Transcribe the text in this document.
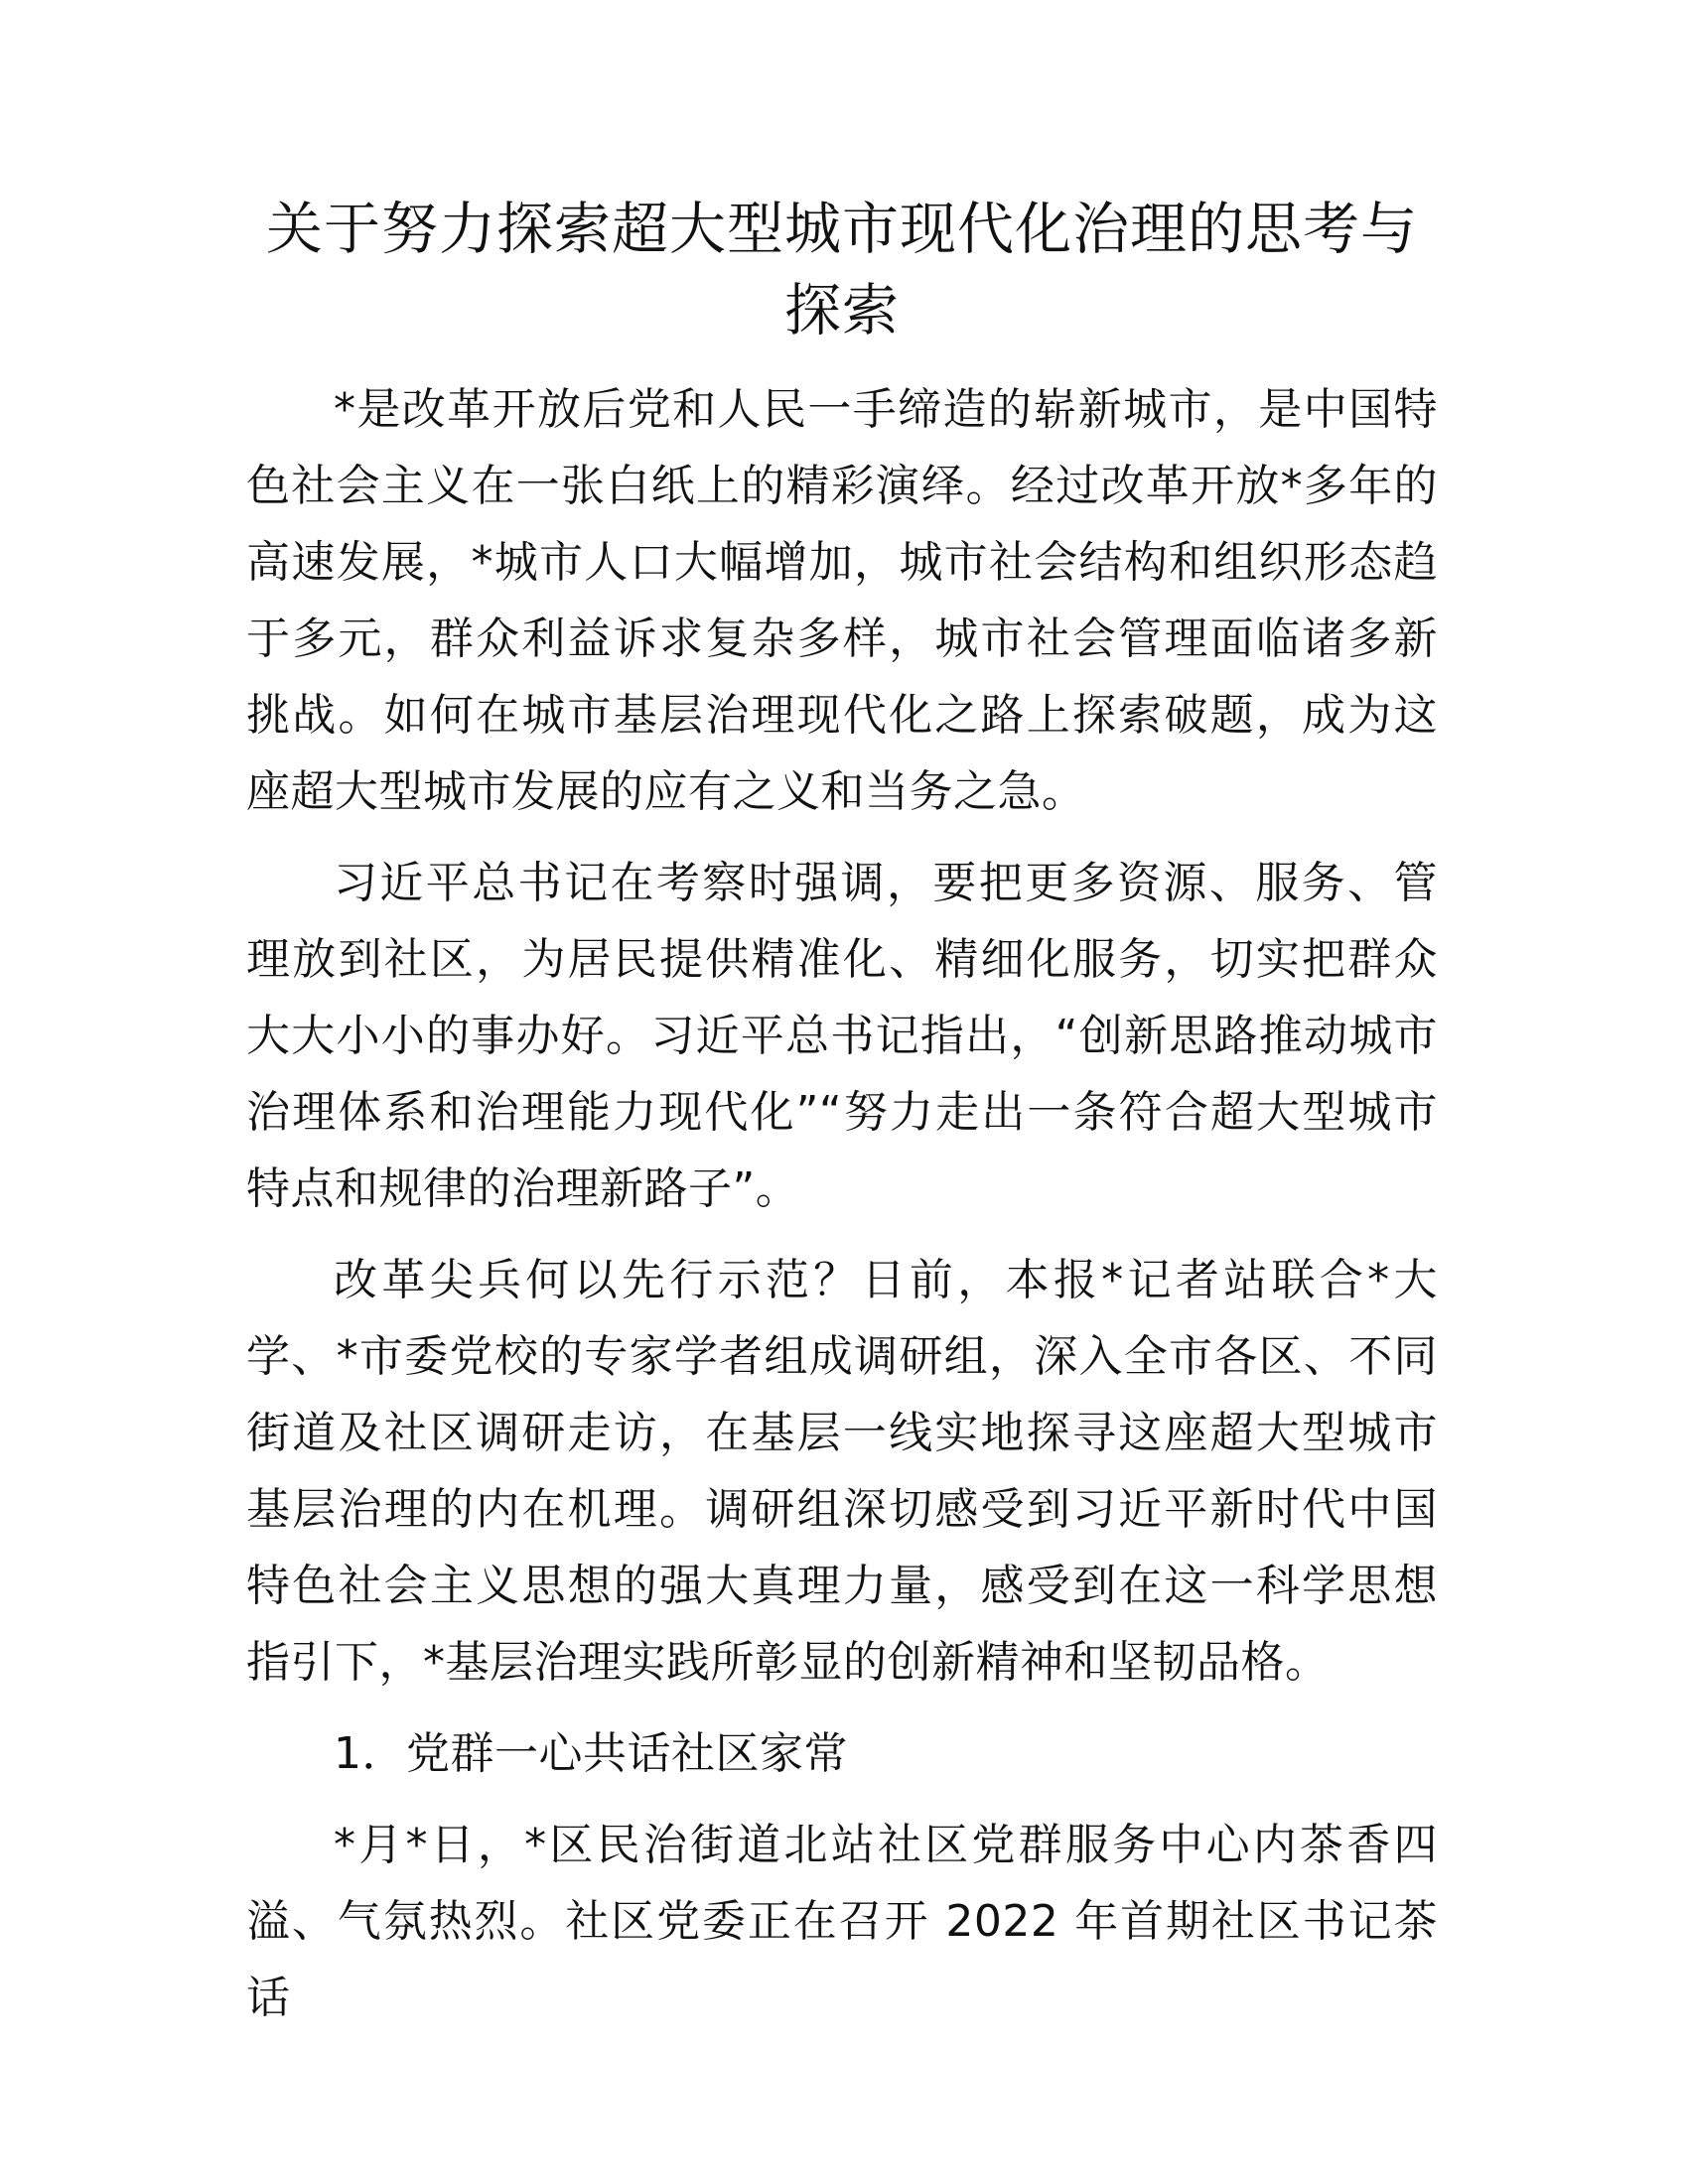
关于努力探索超大型城市现代化治理的思考与
探索

*是改革开放后党和人民一手缔造的崭新城市，是中国特色社会主义在一张白纸上的精彩演绎。经过改革开放*多年的高速发展，*城市人口大幅增加，城市社会结构和组织形态趋于多元，群众利益诉求复杂多样，城市社会管理面临诸多新挑战。如何在城市基层治理现代化之路上探索破题，成为这座超大型城市发展的应有之义和当务之急。

习近平总书记在考察时强调，要把更多资源、服务、管理放到社区，为居民提供精准化、精细化服务，切实把群众大大小小的事办好。习近平总书记指出，“创新思路推动城市治理体系和治理能力现代化”“努力走出一条符合超大型城市特点和规律的治理新路子”。

改革尖兵何以先行示范？日前，本报*记者站联合*大学、*市委党校的专家学者组成调研组，深入全市各区、不同街道及社区调研走访，在基层一线实地探寻这座超大型城市基层治理的内在机理。调研组深切感受到习近平新时代中国特色社会主义思想的强大真理力量，感受到在这一科学思想指引下，*基层治理实践所彰显的创新精神和坚韧品格。

1．党群一心共话社区家常

*月*日，*区民治街道北站社区党群服务中心内茶香四溢、气氛热烈。社区党委正在召开 2022 年首期社区书记茶话
